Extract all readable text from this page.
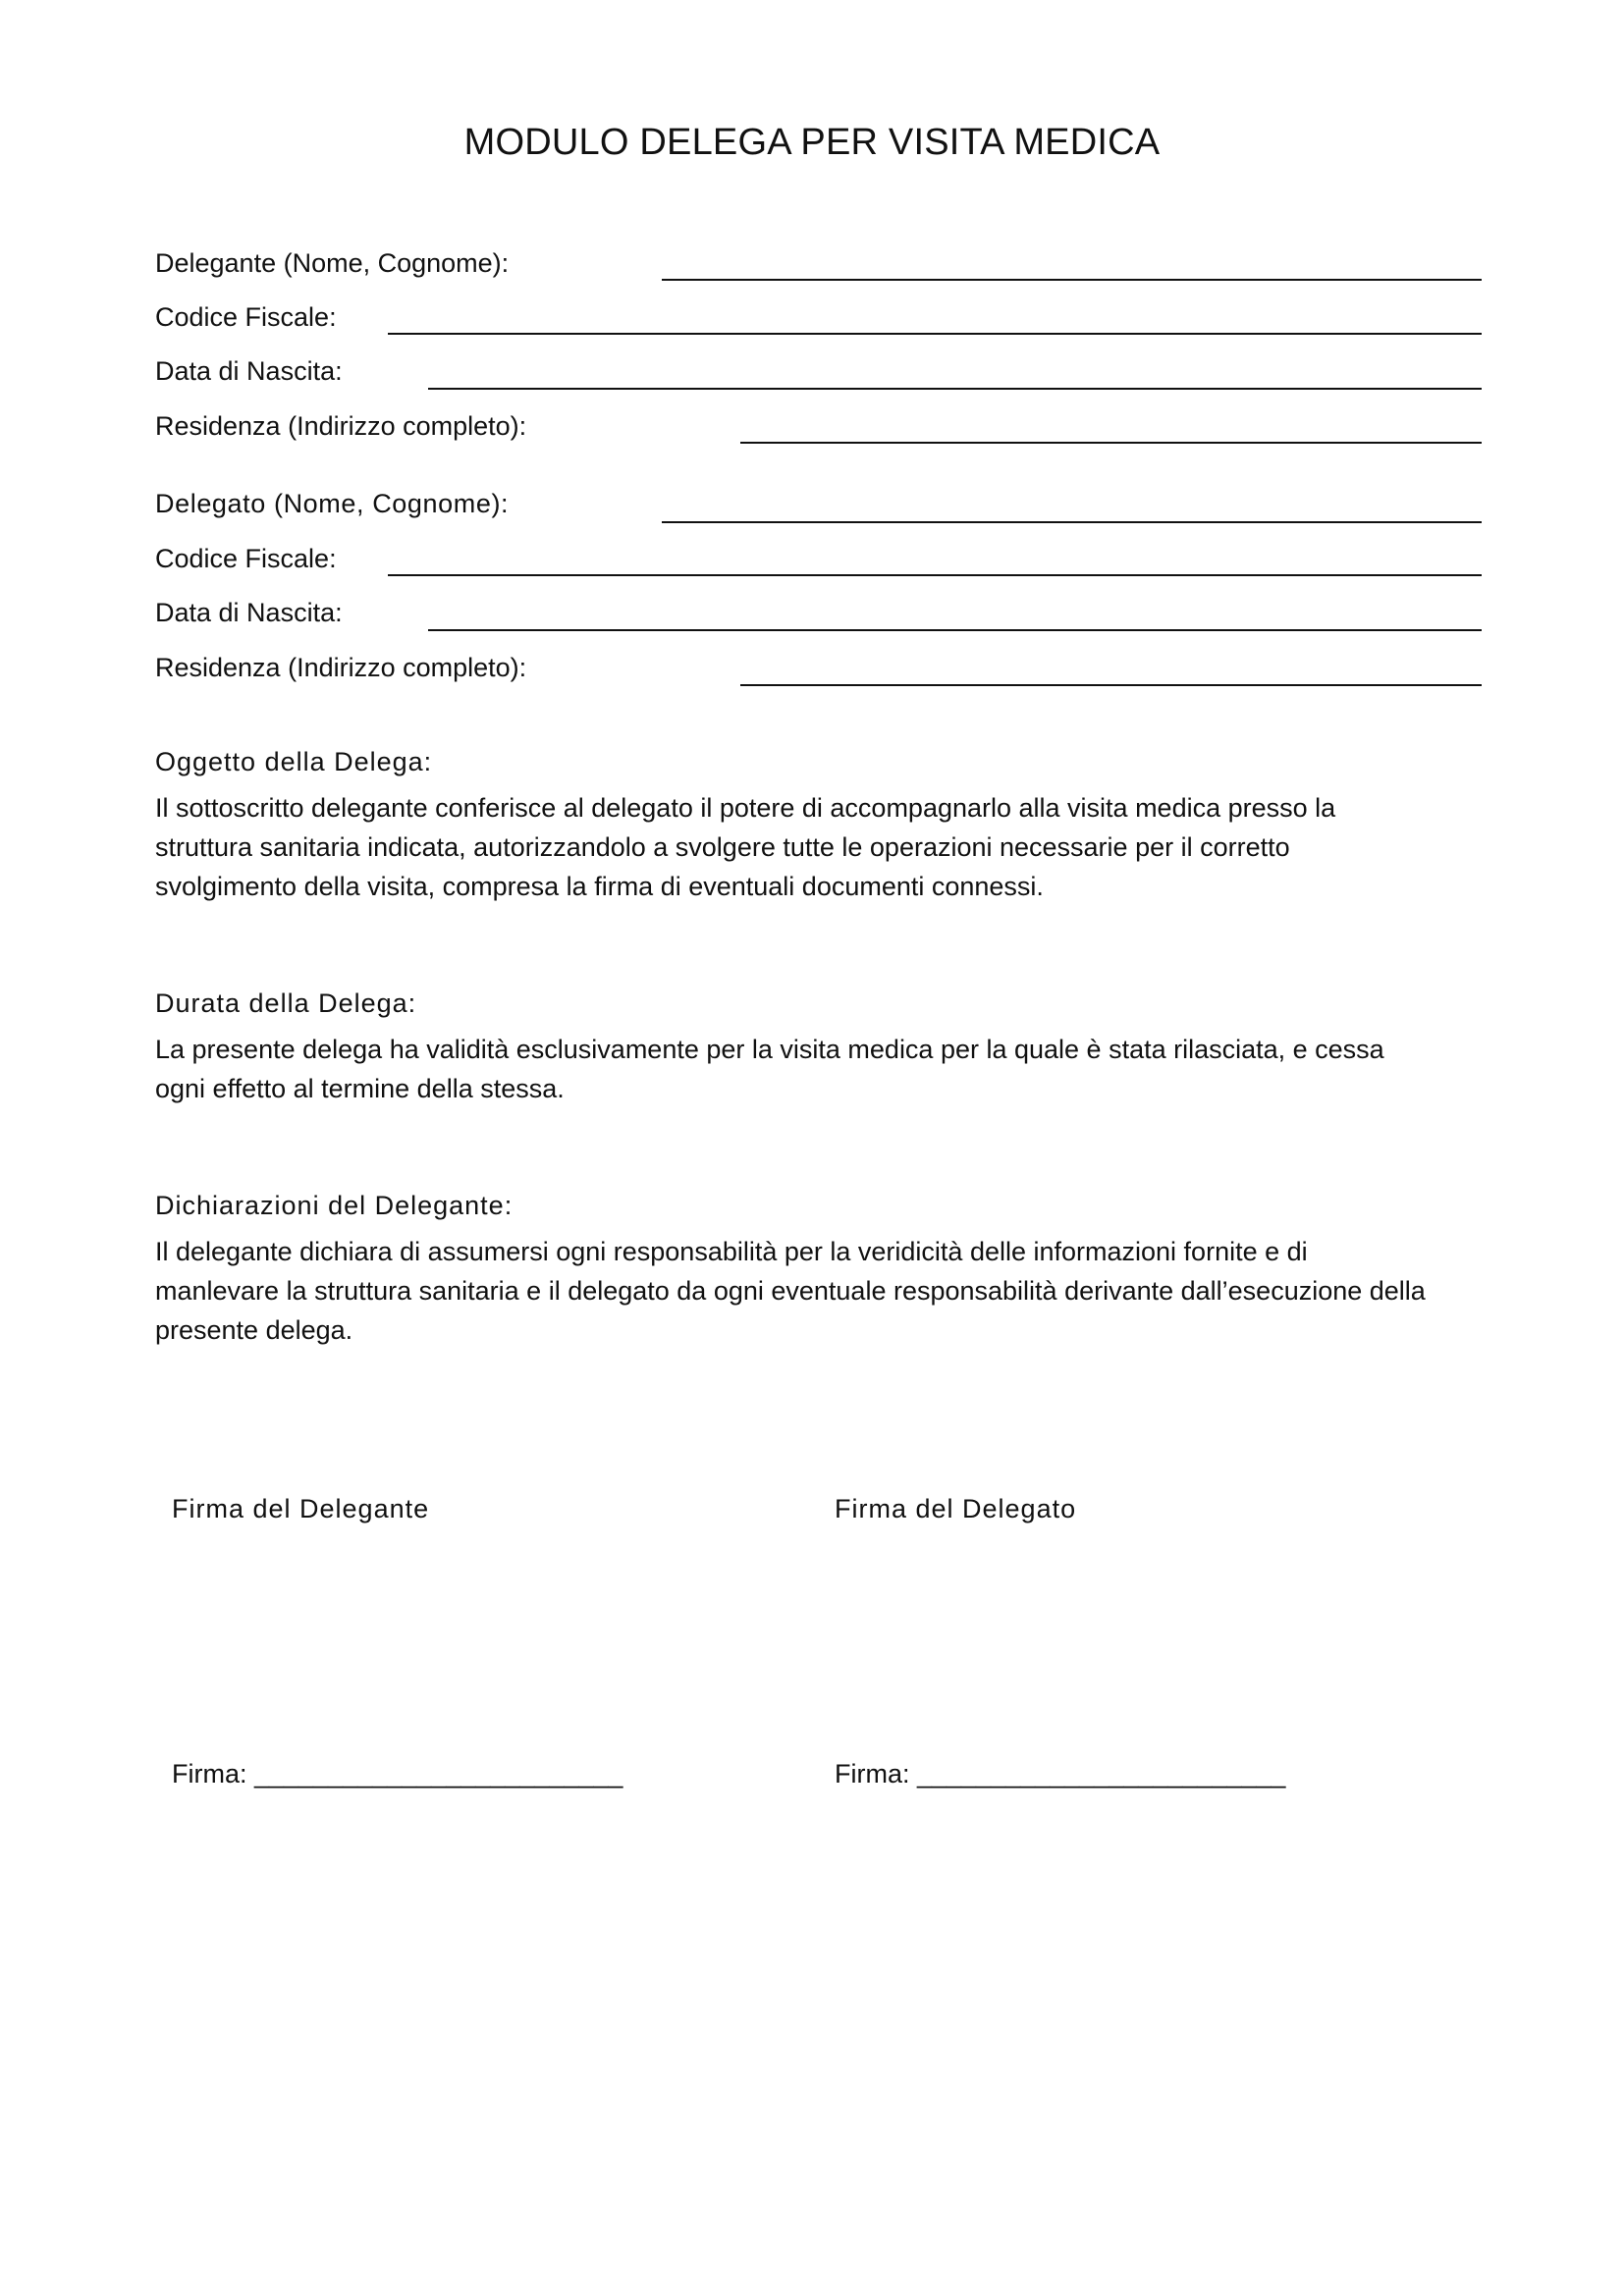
MODULO DELEGA PER VISITA MEDICA
Delegante (Nome, Cognome):
Codice Fiscale:
Data di Nascita:
Residenza (Indirizzo completo):
Delegato (Nome, Cognome):
Codice Fiscale:
Data di Nascita:
Residenza (Indirizzo completo):
Oggetto della Delega:
Il sottoscritto delegante conferisce al delegato il potere di accompagnarlo alla visita medica presso la
struttura sanitaria indicata, autorizzandolo a svolgere tutte le operazioni necessarie per il corretto
svolgimento della visita, compresa la firma di eventuali documenti connessi.
Durata della Delega:
La presente delega ha validità esclusivamente per la visita medica per la quale è stata rilasciata, e cessa
ogni effetto al termine della stessa.
Dichiarazioni del Delegante:
Il delegante dichiara di assumersi ogni responsabilità per la veridicità delle informazioni fornite e di
manlevare la struttura sanitaria e il delegato da ogni eventuale responsabilità derivante dall’esecuzione della
presente delega.
Firma del Delegante	Firma del Delegato
Firma: _________________________	Firma: _________________________
